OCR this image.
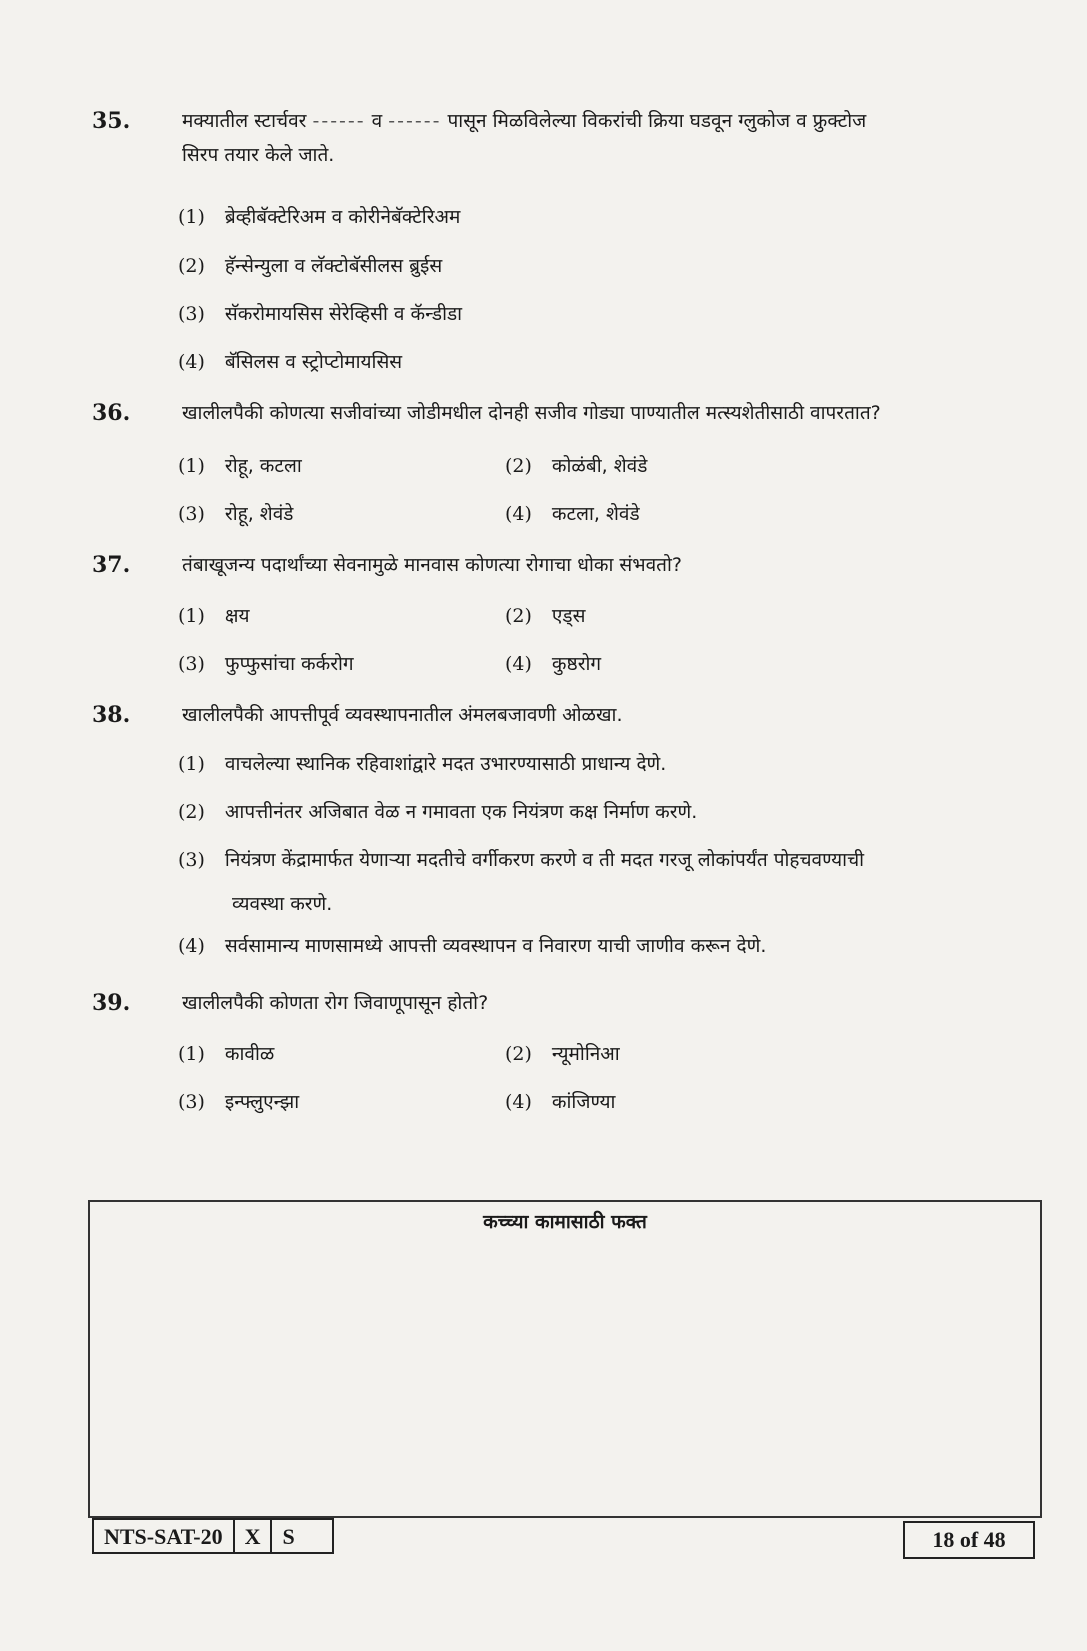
35.	मक्यातील स्टार्चवर ------ व ------ पासून मिळविलेल्या विकरांची क्रिया घडवून ग्लुकोज व फ्रुक्टोज
सिरप तयार केले जाते.
(1) ब्रेव्हीबॅक्टेरिअम व कोरीनेबॅक्टेरिअम
(2) हॅन्सेन्युला व लॅक्टोबॅसीलस ब्रुईस
(3) सॅकरोमायसिस सेरेव्हिसी व कॅन्डीडा
(4) बॅसिलस व स्ट्रोप्टोमायसिस
36.	खालीलपैकी कोणत्या सजीवांच्या जोडीमधील दोनही सजीव गोड्या पाण्यातील मत्स्यशेतीसाठी वापरतात?
(1) रोहू, कटला	(2) कोळंबी, शेवंडे
(3) रोहू, शेवंडे	(4) कटला, शेवंडे
37.	तंबाखूजन्य पदार्थांच्या सेवनामुळे मानवास कोणत्या रोगाचा धोका संभवतो?
(1) क्षय	(2) एड्स
(3) फुप्फुसांचा कर्करोग	(4) कुष्ठरोग
38.	खालीलपैकी आपत्तीपूर्व व्यवस्थापनातील अंमलबजावणी ओळखा.
(1) वाचलेल्या स्थानिक रहिवाशांद्वारे मदत उभारण्यासाठी प्राधान्य देणे.
(2) आपत्तीनंतर अजिबात वेळ न गमावता एक नियंत्रण कक्ष निर्माण करणे.
(3) नियंत्रण केंद्रामार्फत येणाऱ्या मदतीचे वर्गीकरण करणे व ती मदत गरजू लोकांपर्यंत पोहचवण्याची
व्यवस्था करणे.
(4) सर्वसामान्य माणसामध्ये आपत्ती व्यवस्थापन व निवारण याची जाणीव करून देणे.
39.	खालीलपैकी कोणता रोग जिवाणूपासून होतो?
(1) कावीळ	(2) न्यूमोनिआ
(3) इन्फ्लुएन्झा	(4) कांजिण्या
कच्च्या कामासाठी फक्त
NTS-SAT-20	X	S	18 of 48
